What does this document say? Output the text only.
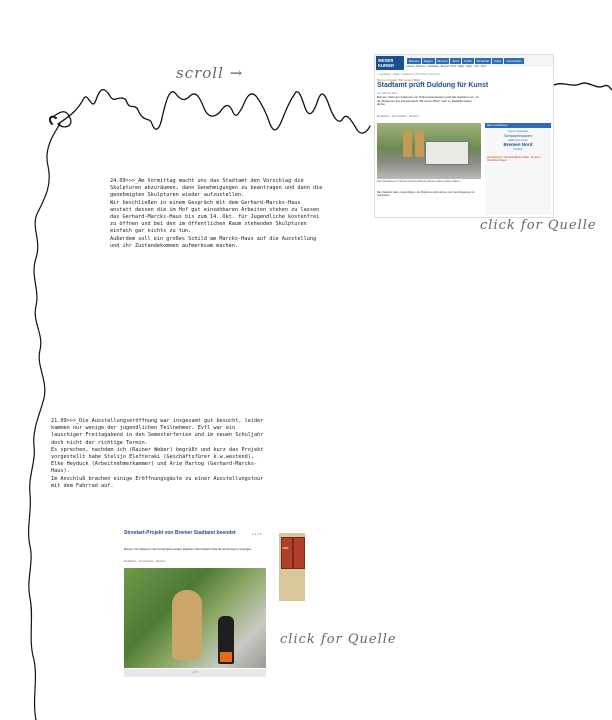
scroll →
WESER KURIER
Bremen	Region	Bremen	Sport	Politik	Wirtschaft	Kultur	Vermischtes
Home · Bremen · Stadtteile · Bremen Nord · Mitte · West · Ost · Süd
> Stadtteile > Walle > Stadtamt prüft Duldung für Kunst
Bremer Projekt "Mit neuem Blick"
Stadtamt prüft Duldung für Kunst
Von Michael Klein
Bremen. Nach der Äußerung von Ordnungsamtsleitern prüft das Stadtamt nun, ob die Skulpturen des Kunstprojekts "Mit neuem Blick" noch im Stadtbild stehen dürfen.
Empfehlen · Kommentare · Drucken
Zwei Skulpturen im Hof des Gerhard-Marcks-Hauses sollen stehen bleiben.
Das Stadtamt hatte vorgeschlagen, die Skulpturen abzuräumen und Genehmigungen zu beantragen.
Mehr aus Bremen
Lesum Vegesack
Schwachhausen
Walle Horn-Lehe
Bremen Nord
Findorff
Ausstellung im Gerhard-Marcks-Haus · Kunst im öffentlichen Raum
click for Quelle
24.09>>>_Am Vormittag macht uns das Stadtamt den Vorschlag die
Skulpturen abzuräumen, dann Genehmigungen zu beantragen und dann die
genehmigten Skulpturen wieder aufzustellen.
Wir beschließen in einem Gespräch mit dem Gerhard-Marcks-Haus
anstatt dessen die im Hof gut einsehbaren Arbeiten stehen zu lassen
das Gerhard-Marcks-Haus bis zum 14. Okt. für Jugendliche kostenfrei
zu öffnen und bei den im öffentlichen Raum stehenden Skulpturen
einfach gar nichts zu tun.
Außerdem soll ein großes Schild am Marcks-Haus auf die Ausstellung
und ihr Zustandekommen aufmerksam machen.
21.09>>>_Die Ausstellungseröffnung war insgesamt gut besucht, leider
kammen nur wenige der jugendlichen Teilnehmer. Evtl war ein
lauschiger Freitagabend in den Semesterferien und im neuen Schuljahr
doch nicht der richtige Termin.
Es sprechen, nachdem ich (Rainer Weber) begrüßt und kurz das Projekt
vorgestellt habe Stelijo Elefteraki (Geschäftsfürer k.w.westend),
Elke Heyduck (Arbeitnehmerkammer) und Arie Hartog (Gerhard-Marcks-
Haus).
Im Anschluß brachen einige Eröffnungsgäste zu einer Ausstellungstour
mit dem Fahrrad auf.
Streetart-Projekt von Bremer Stadtamt beendet	● ● ● ●
Bremen. Die Skulpturen des Kunstprojekts werden abgebaut. Das Stadtamt hatte die Genehmigung verweigert.
Empfehlen · Kommentare · Drucken
1 / 3
TWIX
click for Quelle
